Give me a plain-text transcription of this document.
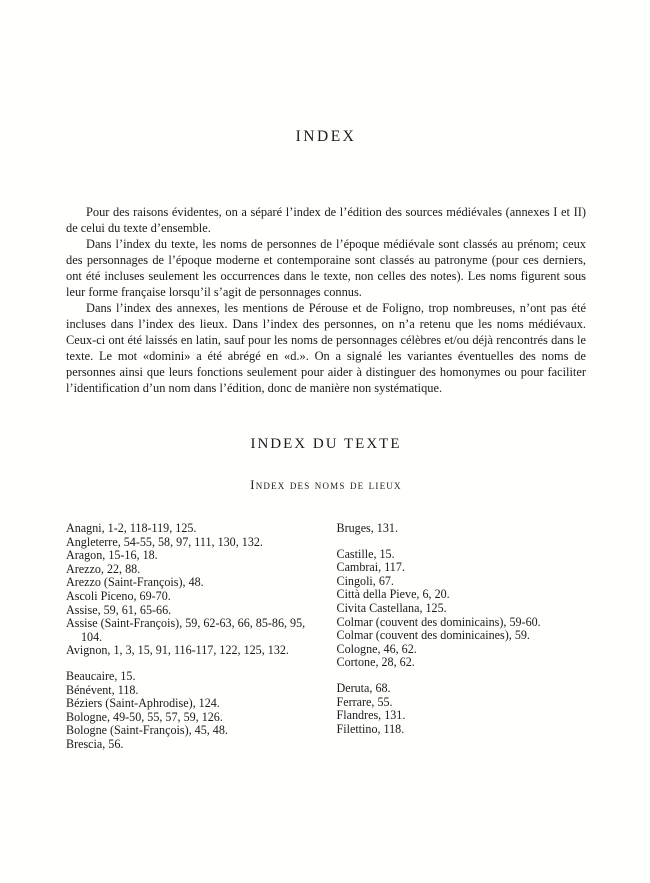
INDEX

Pour des raisons évidentes, on a séparé l’index de l’édition des sources médiévales (annexes I et II) de celui du texte d’ensemble.

Dans l’index du texte, les noms de personnes de l’époque médiévale sont classés au prénom; ceux des personnages de l’époque moderne et contemporaine sont classés au patronyme (pour ces derniers, ont été incluses seulement les occurrences dans le texte, non celles des notes). Les noms figurent sous leur forme française lorsqu’il s’agit de personnages connus.

Dans l’index des annexes, les mentions de Pérouse et de Foligno, trop nombreuses, n’ont pas été incluses dans l’index des lieux. Dans l’index des personnes, on n’a retenu que les noms médiévaux. Ceux-ci ont été laissés en latin, sauf pour les noms de personnages célèbres et/ou déjà rencontrés dans le texte. Le mot «domini» a été abrégé en «d.». On a signalé les variantes éventuelles des noms de personnes ainsi que leurs fonctions seulement pour aider à distinguer des homonymes ou pour faciliter l’identification d’un nom dans l’édition, donc de manière non systématique.

INDEX DU TEXTE
Index des noms de lieux
Anagni, 1-2, 118-119, 125.
Angleterre, 54-55, 58, 97, 111, 130, 132.
Aragon, 15-16, 18.
Arezzo, 22, 88.
Arezzo (Saint-François), 48.
Ascoli Piceno, 69-70.
Assise, 59, 61, 65-66.
Assise (Saint-François), 59, 62-63, 66, 85-86, 95, 104.
Avignon, 1, 3, 15, 91, 116-117, 122, 125, 132.
Beaucaire, 15.
Bénévent, 118.
Béziers (Saint-Aphrodise), 124.
Bologne, 49-50, 55, 57, 59, 126.
Bologne (Saint-François), 45, 48.
Brescia, 56.
Bruges, 131.
Castille, 15.
Cambrai, 117.
Cingoli, 67.
Città della Pieve, 6, 20.
Civita Castellana, 125.
Colmar (couvent des dominicains), 59-60.
Colmar (couvent des dominicaines), 59.
Cologne, 46, 62.
Cortone, 28, 62.
Deruta, 68.
Ferrare, 55.
Flandres, 131.
Filettino, 118.
